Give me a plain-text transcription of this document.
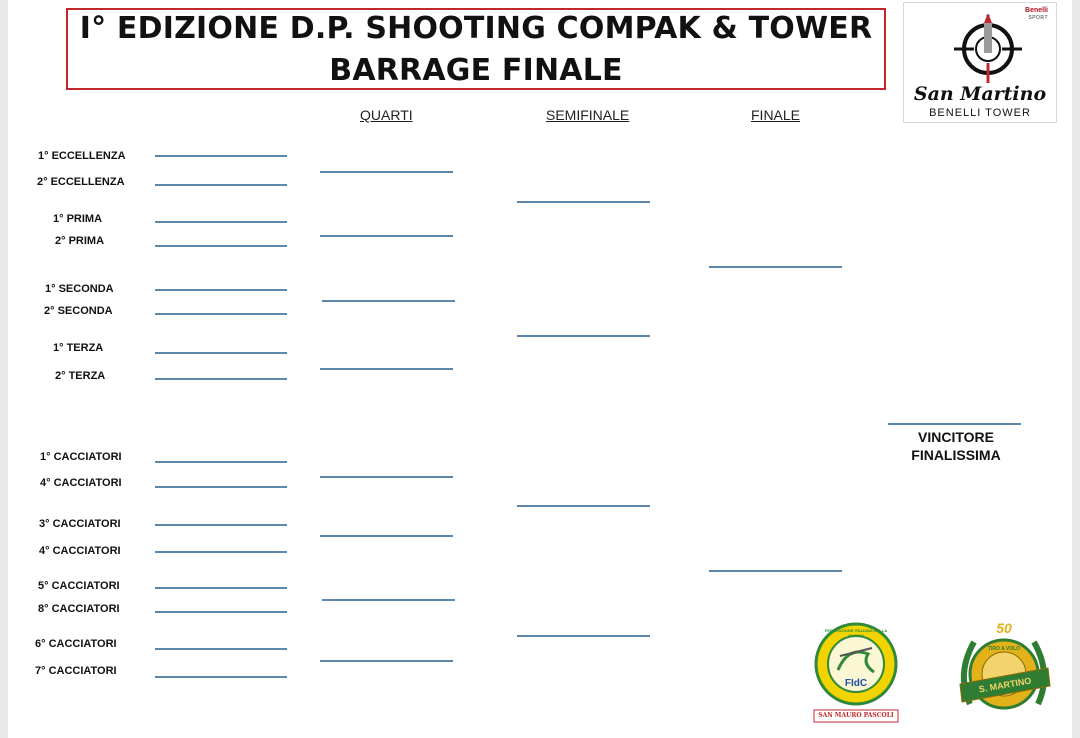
I° EDIZIONE D.P. SHOOTING COMPAK & TOWER
BARRAGE FINALE
Benelli
SPORT
San Martino
BENELLI TOWER
QUARTI	SEMIFINALE	FINALE
1° ECCELLENZA
2° ECCELLENZA
1° PRIMA
2° PRIMA
1° SECONDA
2° SECONDA
1° TERZA
2° TERZA
1° CACCIATORI
4° CACCIATORI
3° CACCIATORI
4° CACCIATORI
5° CACCIATORI
8° CACCIATORI
6° CACCIATORI
7° CACCIATORI
VINCITORE
FINALISSIMA
FIdC
FEDERAZIONE ITALIANA DELLA CACCIA
SAN MAURO PASCOLI
50
TIRO A VOLO
S. MARTINO
